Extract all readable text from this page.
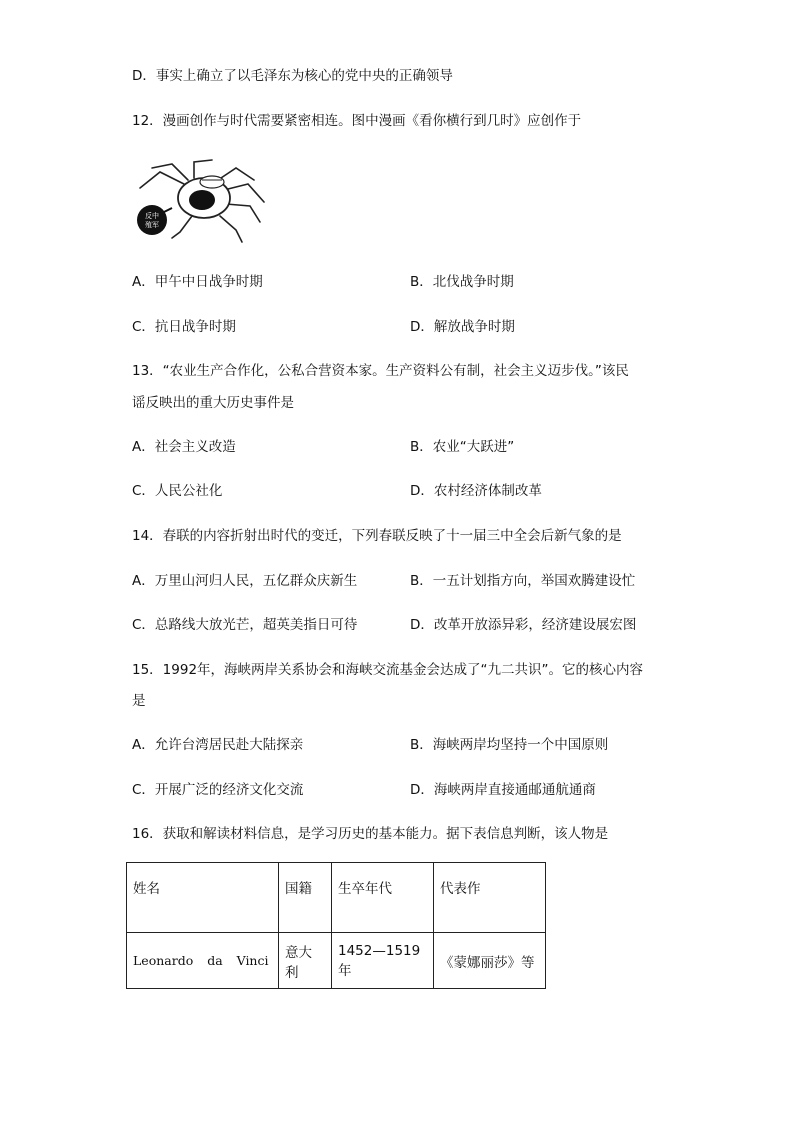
D．事实上确立了以毛泽东为核心的党中央的正确领导
12．漫画创作与时代需要紧密相连。图中漫画《看你横行到几时》应创作于
反中
殖军
A．甲午中日战争时期	B．北伐战争时期
C．抗日战争时期	D．解放战争时期
13．“农业生产合作化，公私合营资本家。生产资料公有制，社会主义迈步伐。”该民
谣反映出的重大历史事件是
A．社会主义改造	B．农业“大跃进”
C．人民公社化	D．农村经济体制改革
14．春联的内容折射出时代的变迁，下列春联反映了十一届三中全会后新气象的是
A．万里山河归人民，五亿群众庆新生	B．一五计划指方向，举国欢腾建设忙
C．总路线大放光芒，超英美指日可待	D．改革开放添异彩，经济建设展宏图
15．1992年，海峡两岸关系协会和海峡交流基金会达成了“九二共识”。它的核心内容
是
A．允许台湾居民赴大陆探亲	B．海峡两岸均坚持一个中国原则
C．开展广泛的经济文化交流	D．海峡两岸直接通邮通航通商
16．获取和解读材料信息，是学习历史的基本能力。据下表信息判断，该人物是
姓名	国籍	生卒年代	代表作
Leonardo da Vinci	意大利	1452—1519年	《蒙娜丽莎》等
